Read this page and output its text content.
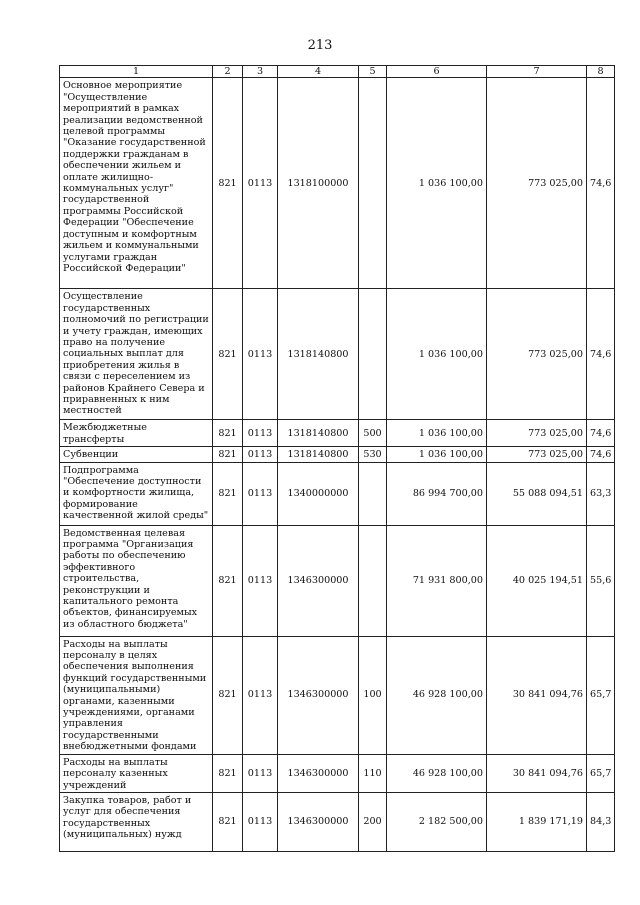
213
1	2	3	4	5	6	7	8
Основное мероприятие "Осуществление мероприятий в рамках реализации ведомственной целевой программы "Оказание государственной поддержки гражданам в обеспечении жильем и оплате жилищно-коммунальных услуг" государственной программы Российской Федерации "Обеспечение доступным и комфортным жильем и коммунальными услугами граждан Российской Федерации"	821	0113	1318100000		1 036 100,00	773 025,00	74,6
Осуществление государственных полномочий по регистрации и учету граждан, имеющих право на получение социальных выплат для приобретения жилья в связи с переселением из районов Крайнего Севера и приравненных к ним местностей	821	0113	1318140800		1 036 100,00	773 025,00	74,6
Межбюджетные трансферты	821	0113	1318140800	500	1 036 100,00	773 025,00	74,6
Субвенции	821	0113	1318140800	530	1 036 100,00	773 025,00	74,6
Подпрограмма "Обеспечение доступности и комфортности жилища, формирование качественной жилой среды"	821	0113	1340000000		86 994 700,00	55 088 094,51	63,3
Ведомственная целевая программа "Организация работы по обеспечению эффективного строительства, реконструкции и капитального ремонта объектов, финансируемых из областного бюджета"	821	0113	1346300000		71 931 800,00	40 025 194,51	55,6
Расходы на выплаты персоналу в целях обеспечения выполнения функций государственными (муниципальными) органами, казенными учреждениями, органами управления государственными внебюджетными фондами	821	0113	1346300000	100	46 928 100,00	30 841 094,76	65,7
Расходы на выплаты персоналу казенных учреждений	821	0113	1346300000	110	46 928 100,00	30 841 094,76	65,7
Закупка товаров, работ и услуг для обеспечения государственных (муниципальных) нужд	821	0113	1346300000	200	2 182 500,00	1 839 171,19	84,3
